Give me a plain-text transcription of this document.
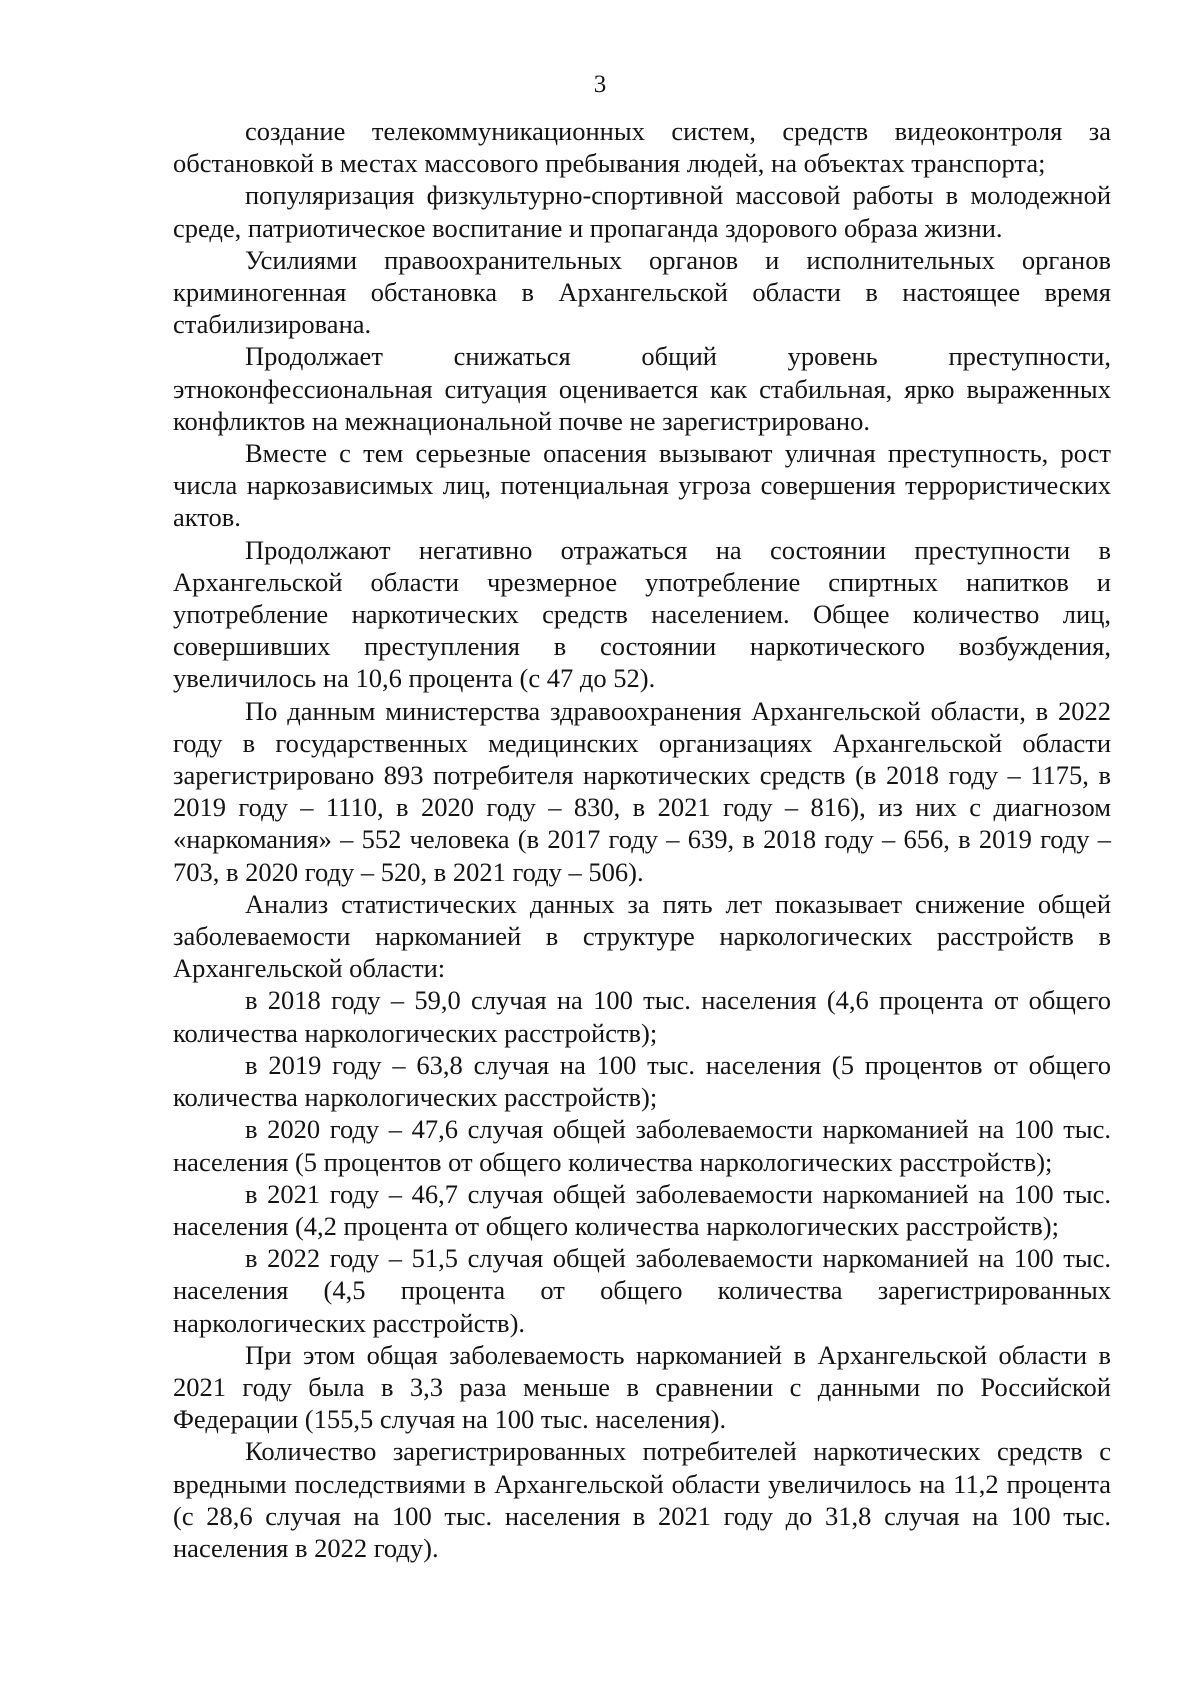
3

создание телекоммуникационных систем, средств видеоконтроля за обстановкой в местах массового пребывания людей, на объектах транспорта;

популяризация физкультурно-спортивной массовой работы в молодежной среде, патриотическое воспитание и пропаганда здорового образа жизни.

Усилиями правоохранительных органов и исполнительных органов криминогенная обстановка в Архангельской области в настоящее время стабилизирована.

Продолжает снижаться общий уровень преступности, этноконфессиональная ситуация оценивается как стабильная, ярко выраженных конфликтов на межнациональной почве не зарегистрировано.

Вместе с тем серьезные опасения вызывают уличная преступность, рост числа наркозависимых лиц, потенциальная угроза совершения террористических актов.

Продолжают негативно отражаться на состоянии преступности в Архангельской области чрезмерное употребление спиртных напитков и употребление наркотических средств населением. Общее количество лиц, совершивших преступления в состоянии наркотического возбуждения, увеличилось на 10,6 процента (с 47 до 52).

По данным министерства здравоохранения Архангельской области, в 2022 году в государственных медицинских организациях Архангельской области зарегистрировано 893 потребителя наркотических средств (в 2018 году – 1175, в 2019 году – 1110, в 2020 году – 830, в 2021 году – 816), из них с диагнозом «наркомания» – 552 человека (в 2017 году – 639, в 2018 году – 656, в 2019 году – 703, в 2020 году – 520, в 2021 году – 506).

Анализ статистических данных за пять лет показывает снижение общей заболеваемости наркоманией в структуре наркологических расстройств в Архангельской области:

в 2018 году – 59,0 случая на 100 тыс. населения (4,6 процента от общего количества наркологических расстройств);

в 2019 году – 63,8 случая на 100 тыс. населения (5 процентов от общего количества наркологических расстройств);

в 2020 году – 47,6 случая общей заболеваемости наркоманией на 100 тыс. населения (5 процентов от общего количества наркологических расстройств);

в 2021 году – 46,7 случая общей заболеваемости наркоманией на 100 тыс. населения (4,2 процента от общего количества наркологических расстройств);

в 2022 году – 51,5 случая общей заболеваемости наркоманией на 100 тыс. населения (4,5 процента от общего количества зарегистрированных наркологических расстройств).

При этом общая заболеваемость наркоманией в Архангельской области в 2021 году была в 3,3 раза меньше в сравнении с данными по Российской Федерации (155,5 случая на 100 тыс. населения).

Количество зарегистрированных потребителей наркотических средств с вредными последствиями в Архангельской области увеличилось на 11,2 процента (с 28,6 случая на 100 тыс. населения в 2021 году до 31,8 случая на 100 тыс. населения в 2022 году).
